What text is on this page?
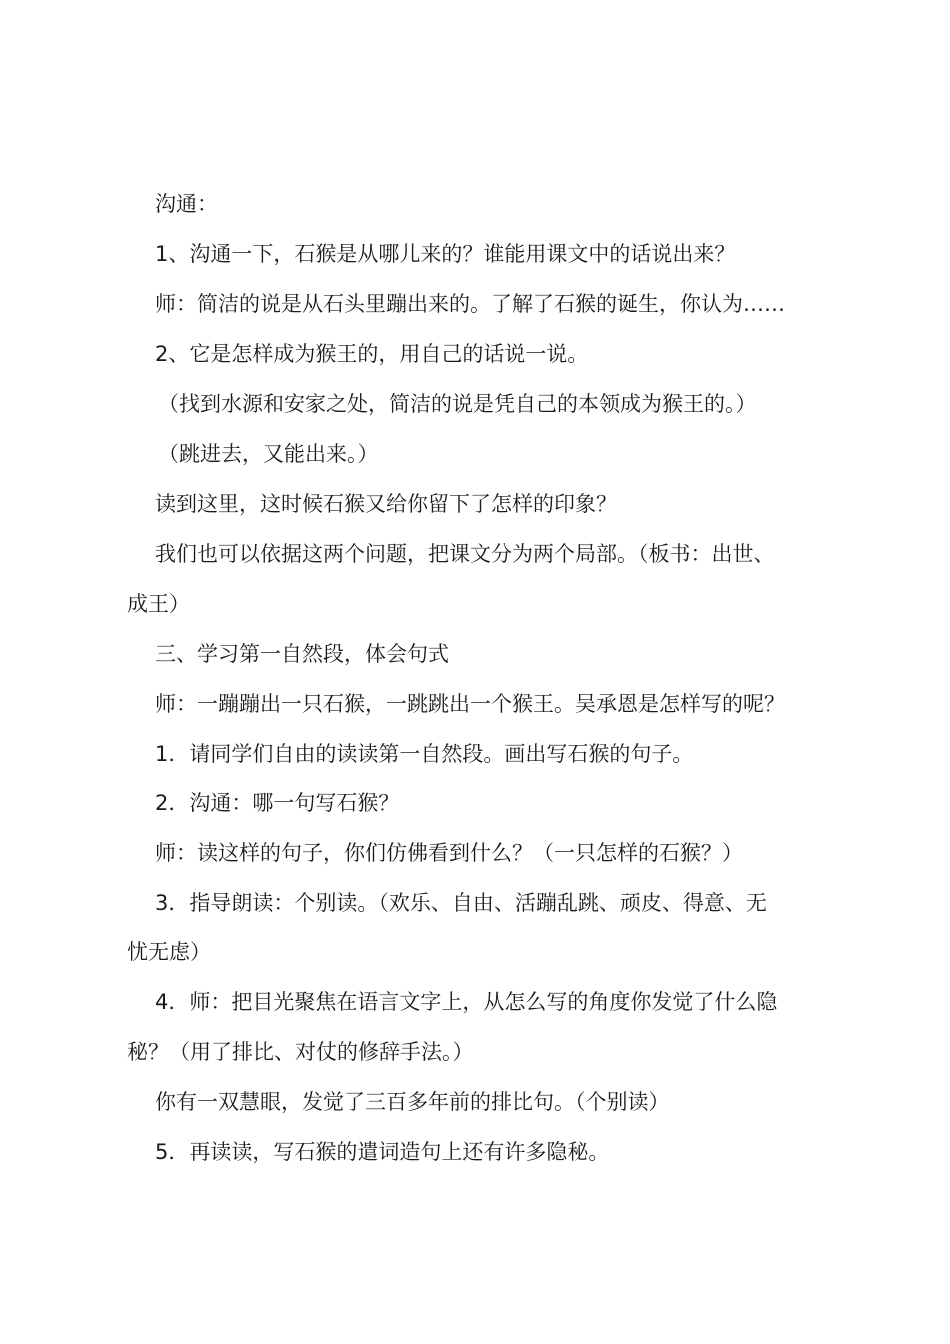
沟通：
1、沟通一下，石猴是从哪儿来的？谁能用课文中的话说出来？
师：简洁的说是从石头里蹦出来的。了解了石猴的诞生，你认为……
2、它是怎样成为猴王的，用自己的话说一说。
（找到水源和安家之处，简洁的说是凭自己的本领成为猴王的。）
（跳进去，又能出来。）
读到这里，这时候石猴又给你留下了怎样的印象？
我们也可以依据这两个问题，把课文分为两个局部。（板书：出世、
成王）
三、学习第一自然段，体会句式
师：一蹦蹦出一只石猴，一跳跳出一个猴王。吴承恩是怎样写的呢？
1．请同学们自由的读读第一自然段。画出写石猴的句子。
2．沟通：哪一句写石猴？
师：读这样的句子，你们仿佛看到什么？（一只怎样的石猴？）
3．指导朗读：个别读。（欢乐、自由、活蹦乱跳、顽皮、得意、无
忧无虑）
4．师：把目光聚焦在语言文字上，从怎么写的角度你发觉了什么隐
秘？（用了排比、对仗的修辞手法。）
你有一双慧眼，发觉了三百多年前的排比句。（个别读）
5．再读读，写石猴的遣词造句上还有许多隐秘。
